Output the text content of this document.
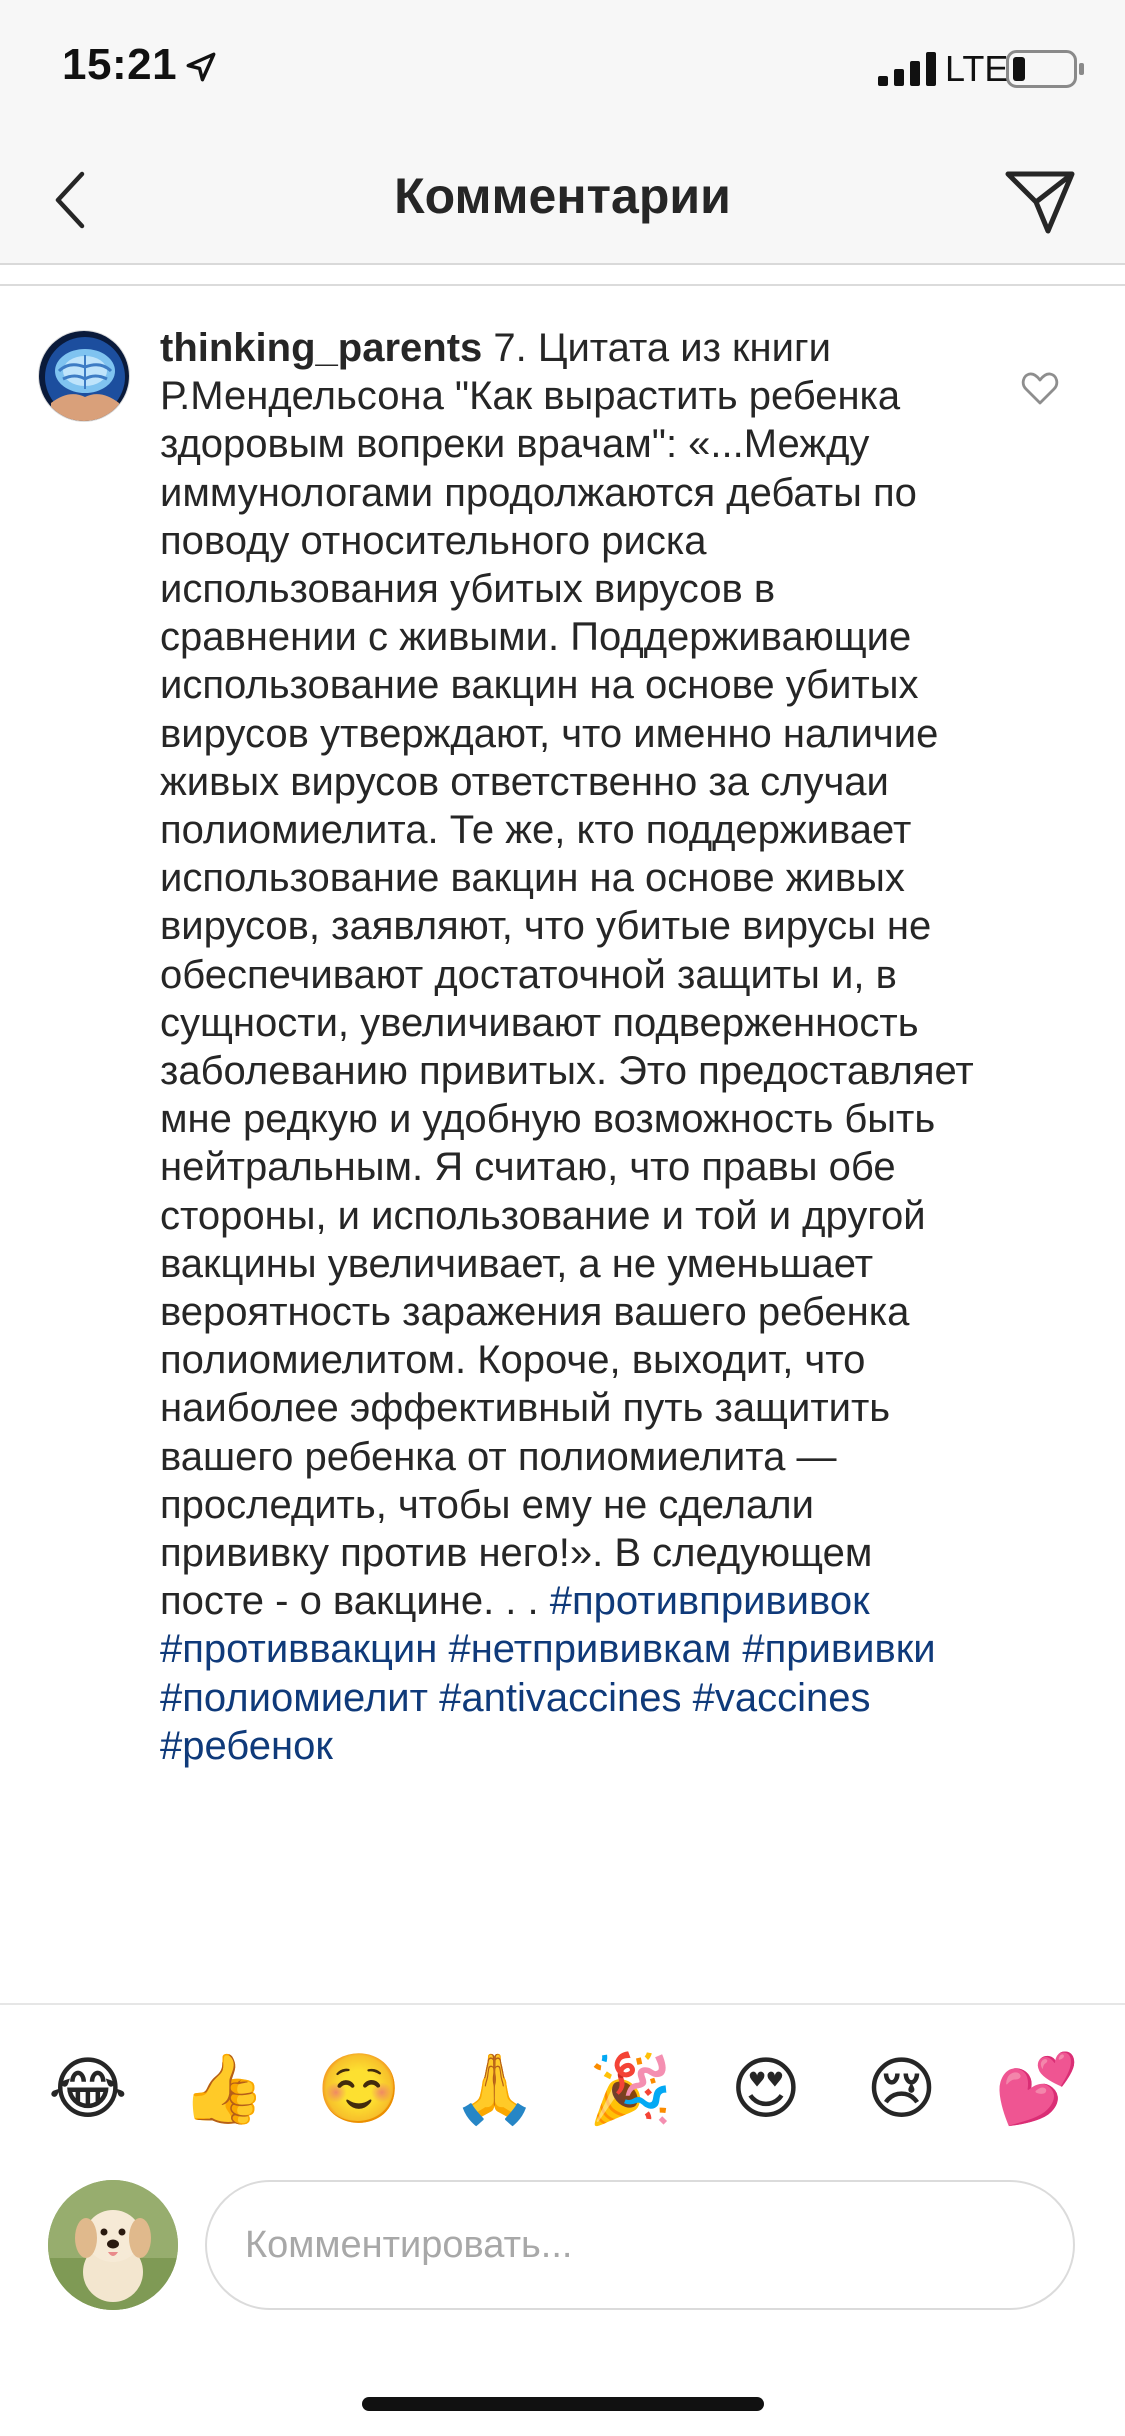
15:21	LTE
Комментарии
thinking_parents 7. Цитата из книги Р.Мендельсона "Как вырастить ребенка здоровым вопреки врачам": «...Между иммунологами продолжаются дебаты по поводу относительного риска использования убитых вирусов в сравнении с живыми. Поддерживающие использование вакцин на основе убитых вирусов утверждают, что именно наличие живых вирусов ответственно за случаи полиомиелита. Те же, кто поддерживает использование вакцин на основе живых вирусов, заявляют, что убитые вирусы не обеспечивают достаточной защиты и, в сущности, увеличивают подверженность заболеванию привитых. Это предоставляет мне редкую и удобную возможность быть нейтральным. Я считаю, что правы обе стороны, и использование и той и другой вакцины увеличивает, а не уменьшает вероятность заражения вашего ребенка полиомиелитом. Короче, выходит, что наиболее эффективный путь защитить вашего ребенка от полиомиелита — проследить, чтобы ему не сделали прививку против него!». В следующем посте - о вакцине. . . #противпрививок #противвакцин #нетпрививкам #прививки #полиомиелит #antivaccines #vaccines #ребенок
😂 👍 ☺️ 🙏 🎉 😍 😢 💕
Комментировать...
